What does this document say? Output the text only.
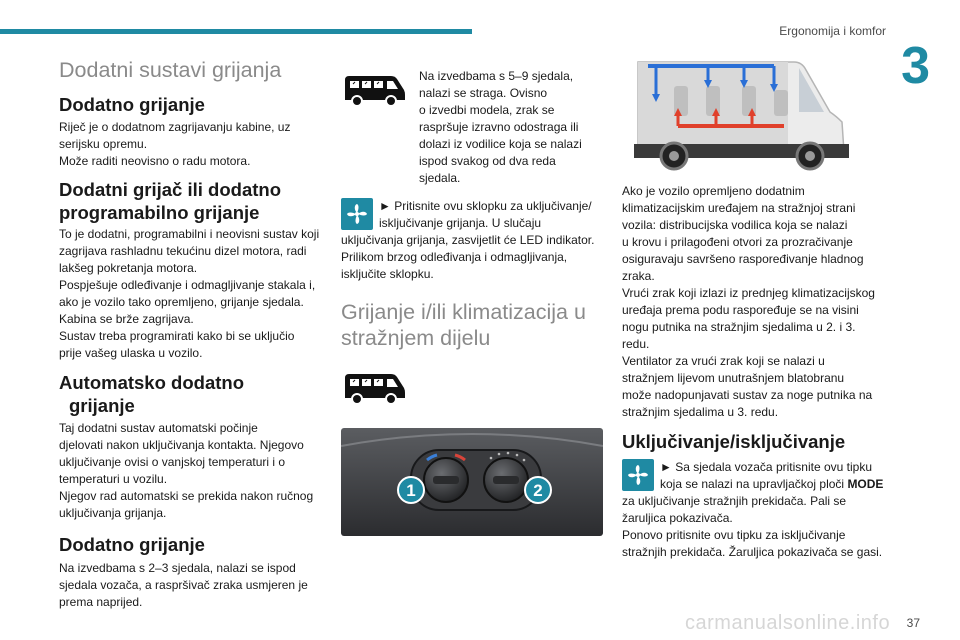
Ergonomija i komfor
3
Dodatni sustavi grijanja
Dodatno grijanje
Riječ je o dodatnom zagrijavanju kabine, uz
serijsku opremu.
Može raditi neovisno o radu motora.
Dodatni grijač ili dodatno
programabilno grijanje
To je dodatni, programabilni i neovisni sustav koji
zagrijava rashladnu tekućinu dizel motora, radi
lakšeg pokretanja motora.
Pospješuje odleđivanje i odmagljivanje stakala i,
ako je vozilo tako opremljeno, grijanje sjedala.
Kabina se brže zagrijava.
Sustav treba programirati kako bi se uključio
prije vašeg ulaska u vozilo.
Automatsko dodatno
grijanje
Taj dodatni sustav automatski počinje
djelovati nakon uključivanja kontakta. Njegovo
uključivanje ovisi o vanjskoj temperaturi i o
temperaturi u vozilu.
Njegov rad automatski se prekida nakon ručnog
uključivanja grijanja.
Dodatno grijanje
Na izvedbama s 2–3 sjedala, nalazi se ispod
sjedala vozača, a raspršivač zraka usmjeren je
prema naprijed.
Na izvedbama s 5–9 sjedala,
nalazi se straga. Ovisno
o izvedbi modela, zrak se
raspršuje izravno odostraga ili
dolazi iz vodilice koja se nalazi
ispod svakog od dva reda
sjedala.
► Pritisnite ovu sklopku za uključivanje/
isključivanje grijanja. U slučaju
uključivanja grijanja, zasvijetlit će LED indikator.
Prilikom brzog odleđivanja i odmagljivanja,
isključite sklopku.
Grijanje i/ili klimatizacija u
stražnjem dijelu
1	2
Ako je vozilo opremljeno dodatnim
klimatizacijskim uređajem na stražnjoj strani
vozila: distribucijska vodilica koja se nalazi
u krovu i prilagođeni otvori za prozračivanje
osiguravaju savršeno raspoređivanje hladnog
zraka.
Vrući zrak koji izlazi iz prednjeg klimatizacijskog
uređaja prema podu raspoređuje se na visini
nogu putnika na stražnjim sjedalima u 2. i 3.
redu.
Ventilator za vrući zrak koji se nalazi u
stražnjem lijevom unutrašnjem blatobranu
može nadopunjavati sustav za noge putnika na
stražnjim sjedalima u 3. redu.
Uključivanje/isključivanje
► Sa sjedala vozača pritisnite ovu tipku
koja se nalazi na upravljačkoj ploči MODE
za uključivanje stražnjih prekidača. Pali se
žaruljica pokazivača.
Ponovo pritisnite ovu tipku za isključivanje
stražnjih prekidača. Žaruljica pokazivača se gasi.
carmanualsonline.info 37
